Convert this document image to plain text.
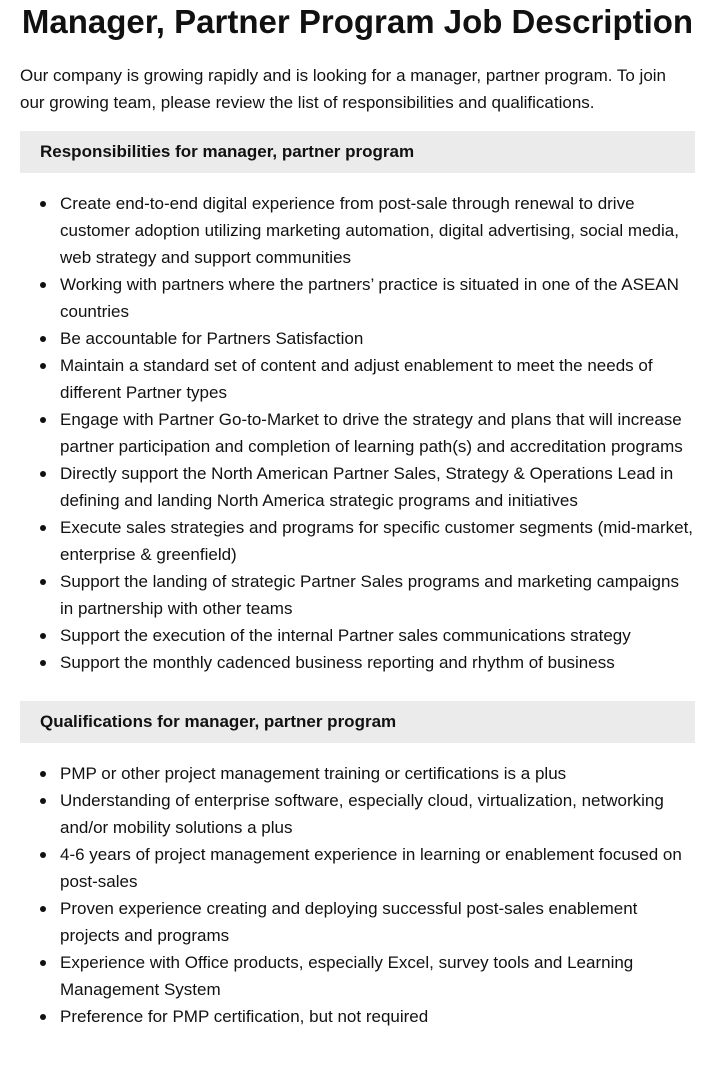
Manager, Partner Program Job Description

Our company is growing rapidly and is looking for a manager, partner program. To join our growing team, please review the list of responsibilities and qualifications.

Responsibilities for manager, partner program
Create end-to-end digital experience from post-sale through renewal to drive customer adoption utilizing marketing automation, digital advertising, social media, web strategy and support communities
Working with partners where the partners’ practice is situated in one of the ASEAN countries
Be accountable for Partners Satisfaction
Maintain a standard set of content and adjust enablement to meet the needs of different Partner types
Engage with Partner Go-to-Market to drive the strategy and plans that will increase partner participation and completion of learning path(s) and accreditation programs
Directly support the North American Partner Sales, Strategy & Operations Lead in defining and landing North America strategic programs and initiatives
Execute sales strategies and programs for specific customer segments (mid-market, enterprise & greenfield)
Support the landing of strategic Partner Sales programs and marketing campaigns in partnership with other teams
Support the execution of the internal Partner sales communications strategy
Support the monthly cadenced business reporting and rhythm of business
Qualifications for manager, partner program
PMP or other project management training or certifications is a plus
Understanding of enterprise software, especially cloud, virtualization, networking and/or mobility solutions a plus
4-6 years of project management experience in learning or enablement focused on post-sales
Proven experience creating and deploying successful post-sales enablement projects and programs
Experience with Office products, especially Excel, survey tools and Learning Management System
Preference for PMP certification, but not required
